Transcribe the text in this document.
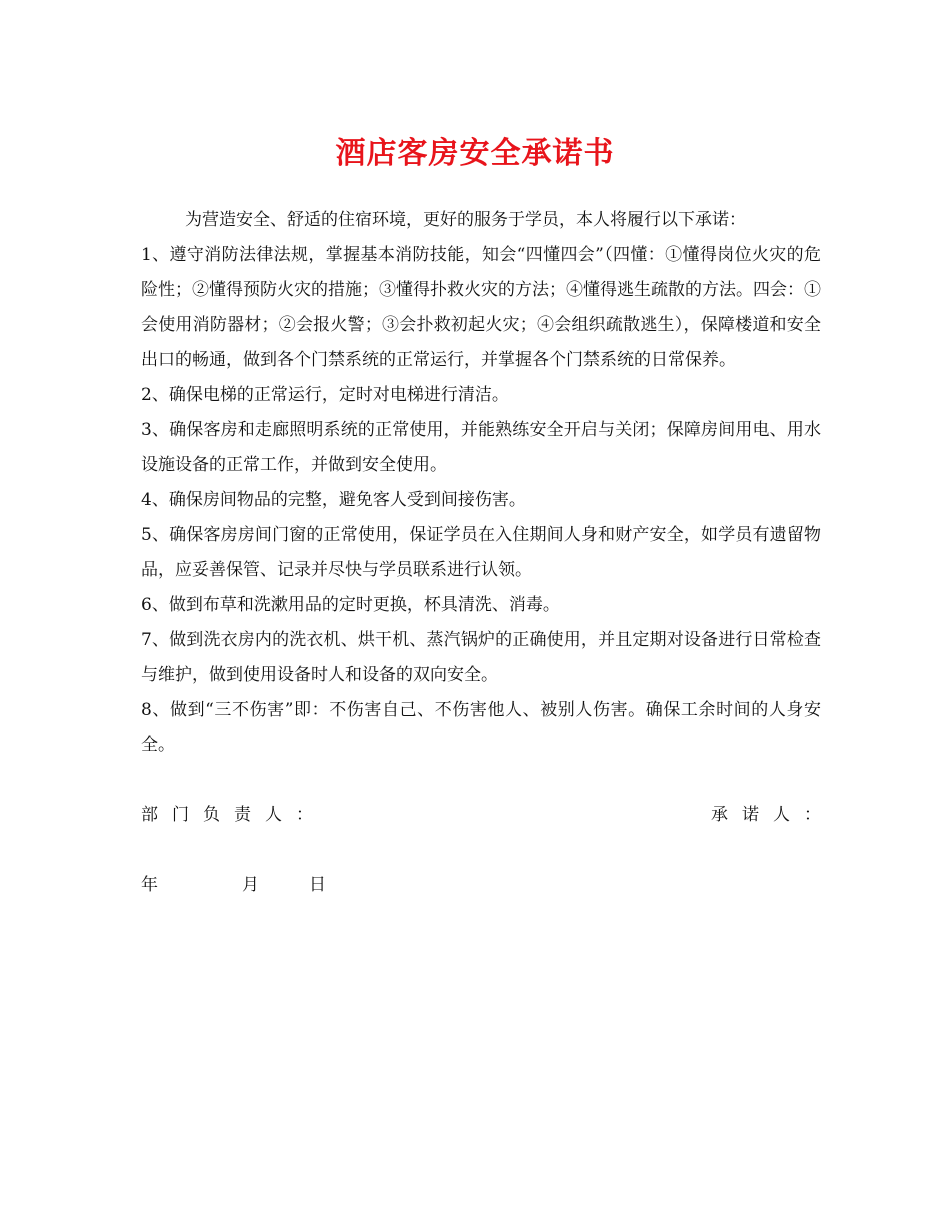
酒店客房安全承诺书

为营造安全、舒适的住宿环境，更好的服务于学员，本人将履行以下承诺：

1、遵守消防法律法规，掌握基本消防技能，知会“四懂四会”（四懂：①懂得岗位火灾的危险性；②懂得预防火灾的措施；③懂得扑救火灾的方法；④懂得逃生疏散的方法。四会：①会使用消防器材；②会报火警；③会扑救初起火灾；④会组织疏散逃生），保障楼道和安全出口的畅通，做到各个门禁系统的正常运行，并掌握各个门禁系统的日常保养。

2、确保电梯的正常运行，定时对电梯进行清洁。

3、确保客房和走廊照明系统的正常使用，并能熟练安全开启与关闭；保障房间用电、用水设施设备的正常工作，并做到安全使用。

4、确保房间物品的完整，避免客人受到间接伤害。

5、确保客房房间门窗的正常使用，保证学员在入住期间人身和财产安全，如学员有遗留物品，应妥善保管、记录并尽快与学员联系进行认领。

6、做到布草和洗漱用品的定时更换，杯具清洗、消毒。

7、做到洗衣房内的洗衣机、烘干机、蒸汽锅炉的正确使用，并且定期对设备进行日常检查与维护，做到使用设备时人和设备的双向安全。

8、做到“三不伤害”即：不伤害自己、不伤害他人、被别人伤害。确保工余时间的人身安全。

部门负责人：	承诺人：
年	月	日
